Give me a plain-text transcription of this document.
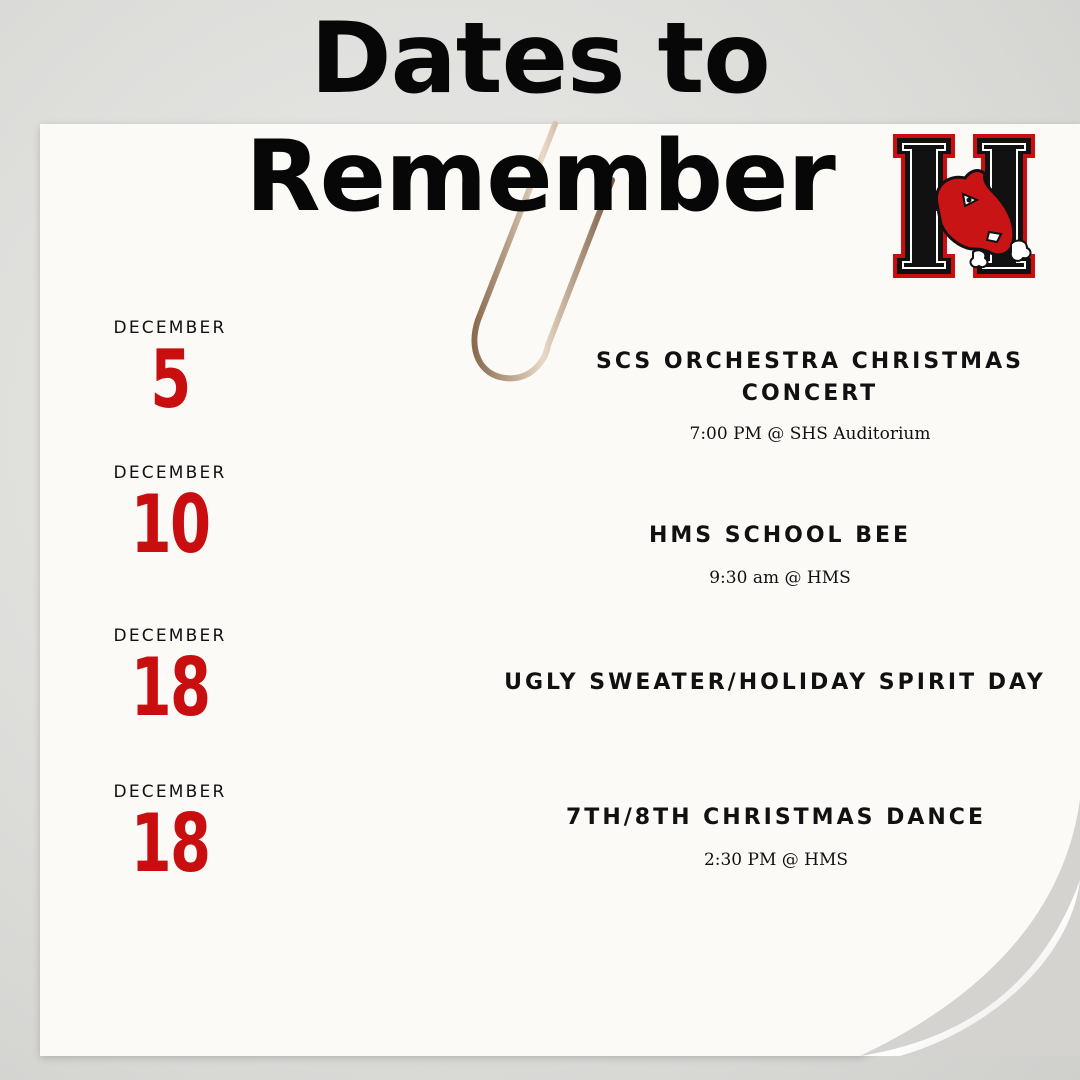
Dates to Remember
DECEMBER
5
DECEMBER
10
DECEMBER
18
DECEMBER
18
SCS ORCHESTRA CHRISTMAS CONCERT
7:00 PM @ SHS Auditorium
HMS SCHOOL BEE
9:30 am @ HMS
UGLY SWEATER/HOLIDAY SPIRIT DAY
7TH/8TH CHRISTMAS DANCE
2:30 PM @ HMS
